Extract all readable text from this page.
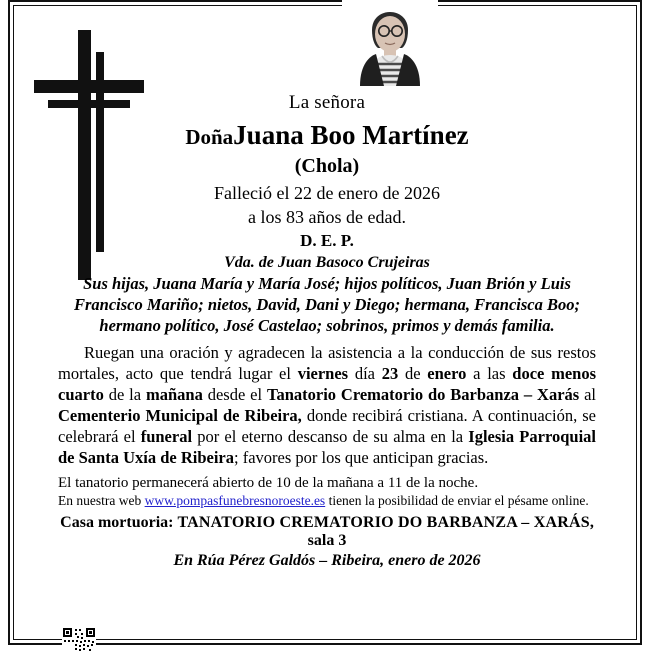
La señora
DoñaJuana Boo Martínez
(Chola)
Falleció el 22 de enero de 2026
a los 83 años de edad.
D. E. P.
Vda. de Juan Basoco Crujeiras
Sus hijas, Juana María y María José; hijos políticos, Juan Brión y Luis Francisco Mariño; nietos, David, Dani y Diego; hermana, Francisca Boo; hermano político, José Castelao; sobrinos, primos y demás familia.
Ruegan una oración y agradecen la asistencia a la conducción de sus restos mortales, acto que tendrá lugar el viernes día 23 de enero a las doce menos cuarto de la mañana desde el Tanatorio Crematorio do Barbanza – Xarás al Cementerio Municipal de Ribeira, donde recibirá cristiana. A continuación, se celebrará el funeral por el eterno descanso de su alma en la Iglesia Parroquial de Santa Uxía de Ribeira; favores por los que anticipan gracias.
El tanatorio permanecerá abierto de 10 de la mañana a 11 de la noche.
En nuestra web www.pompasfunebresnoroeste.es tienen la posibilidad de enviar el pésame online.
Casa mortuoria: TANATORIO CREMATORIO DO BARBANZA – XARÁS, sala 3
En Rúa Pérez Galdós – Ribeira, enero de 2026
